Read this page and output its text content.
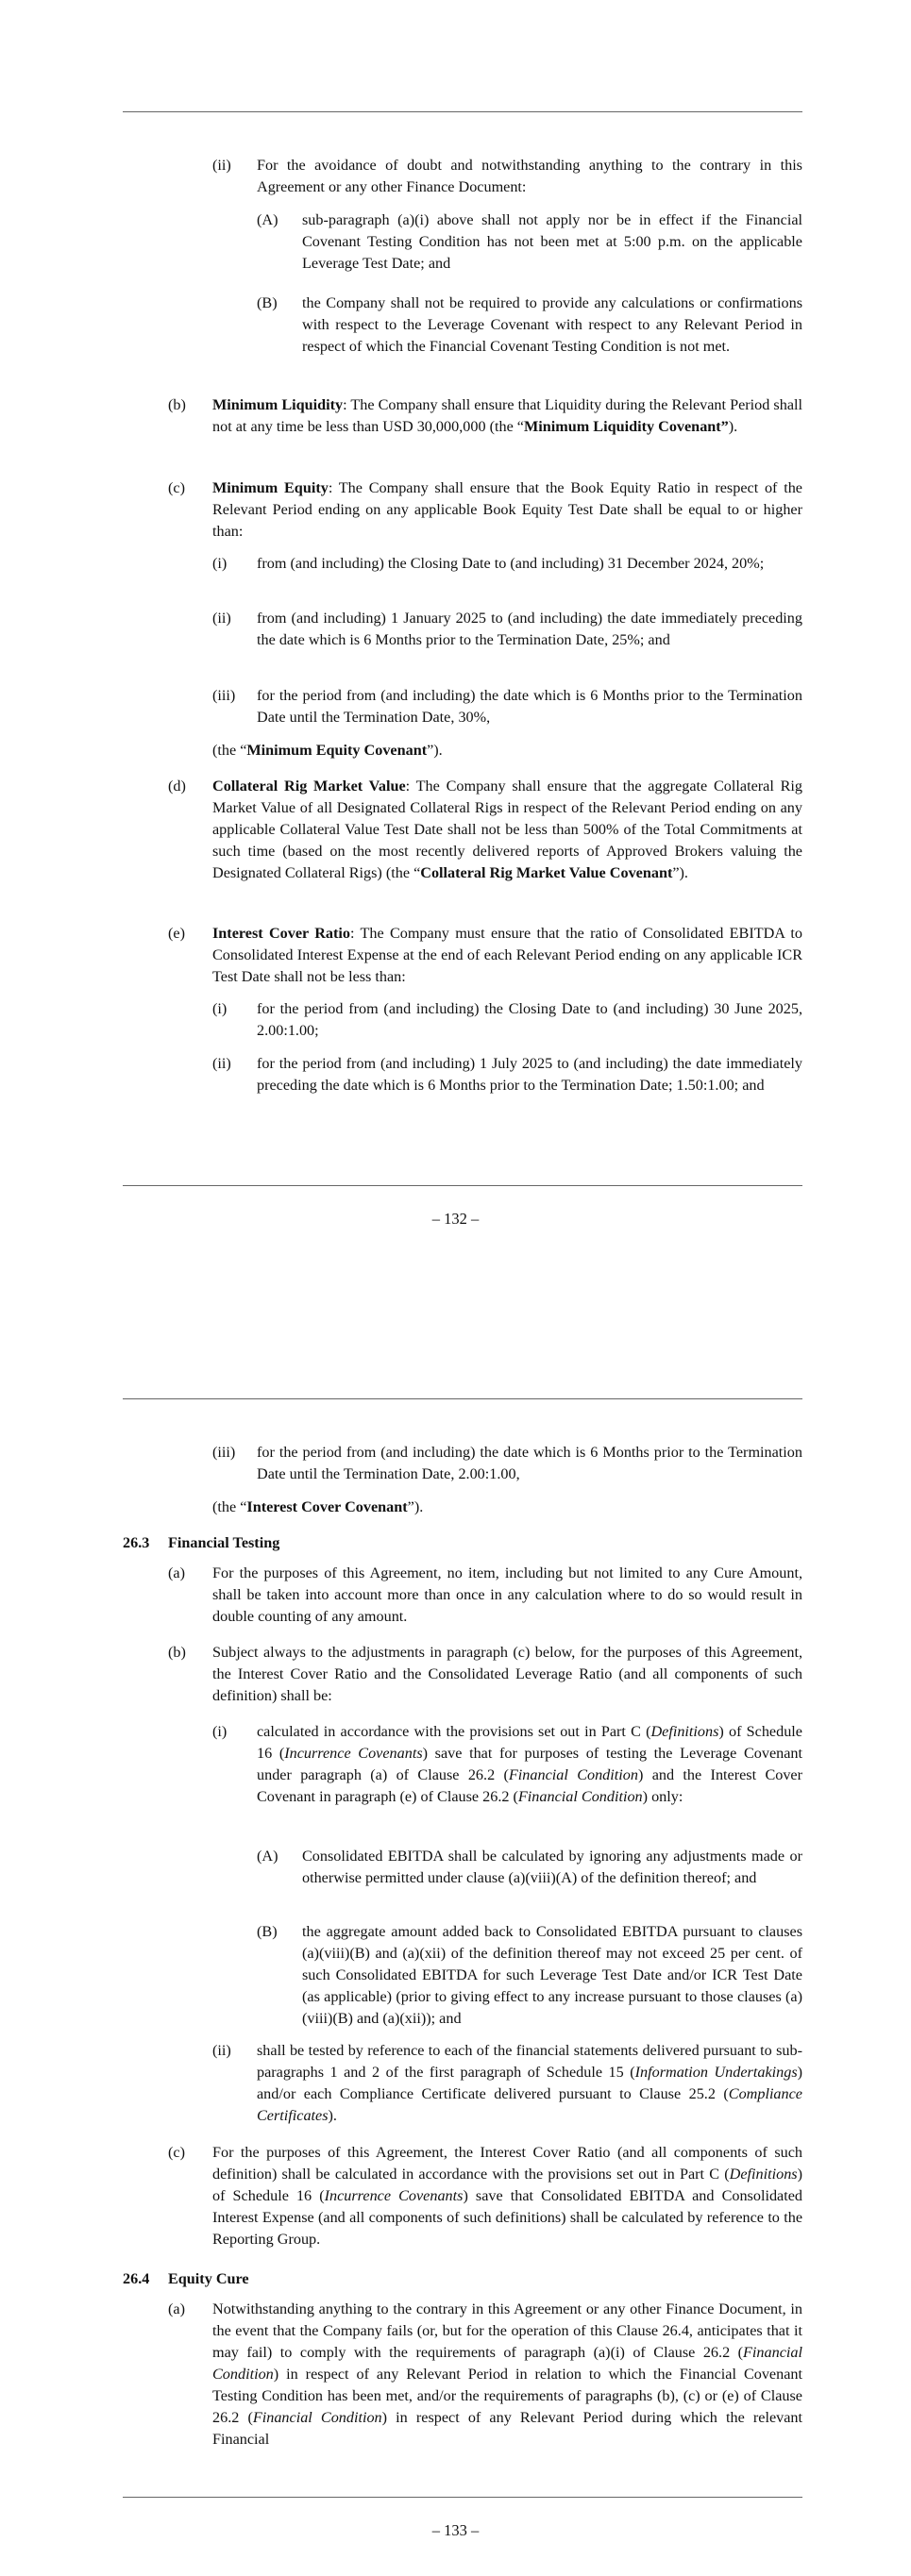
(ii) For the avoidance of doubt and notwithstanding anything to the contrary in this Agreement or any other Finance Document:
(A) sub-paragraph (a)(i) above shall not apply nor be in effect if the Financial Covenant Testing Condition has not been met at 5:00 p.m. on the applicable Leverage Test Date; and
(B) the Company shall not be required to provide any calculations or confirmations with respect to the Leverage Covenant with respect to any Relevant Period in respect of which the Financial Covenant Testing Condition is not met.
(b) Minimum Liquidity: The Company shall ensure that Liquidity during the Relevant Period shall not at any time be less than USD 30,000,000 (the “Minimum Liquidity Covenant”).
(c) Minimum Equity: The Company shall ensure that the Book Equity Ratio in respect of the Relevant Period ending on any applicable Book Equity Test Date shall be equal to or higher than:
(i) from (and including) the Closing Date to (and including) 31 December 2024, 20%;
(ii) from (and including) 1 January 2025 to (and including) the date immediately preceding the date which is 6 Months prior to the Termination Date, 25%; and
(iii) for the period from (and including) the date which is 6 Months prior to the Termination Date until the Termination Date, 30%,
(the “Minimum Equity Covenant”).
(d) Collateral Rig Market Value: The Company shall ensure that the aggregate Collateral Rig Market Value of all Designated Collateral Rigs in respect of the Relevant Period ending on any applicable Collateral Value Test Date shall not be less than 500% of the Total Commitments at such time (based on the most recently delivered reports of Approved Brokers valuing the Designated Collateral Rigs) (the “Collateral Rig Market Value Covenant”).
(e) Interest Cover Ratio: The Company must ensure that the ratio of Consolidated EBITDA to Consolidated Interest Expense at the end of each Relevant Period ending on any applicable ICR Test Date shall not be less than:
(i) for the period from (and including) the Closing Date to (and including) 30 June 2025, 2.00:1.00;
(ii) for the period from (and including) 1 July 2025 to (and including) the date immediately preceding the date which is 6 Months prior to the Termination Date; 1.50:1.00; and
– 132 –
(iii) for the period from (and including) the date which is 6 Months prior to the Termination Date until the Termination Date, 2.00:1.00,
(the “Interest Cover Covenant”).
26.3 Financial Testing
(a) For the purposes of this Agreement, no item, including but not limited to any Cure Amount, shall be taken into account more than once in any calculation where to do so would result in double counting of any amount.
(b) Subject always to the adjustments in paragraph (c) below, for the purposes of this Agreement, the Interest Cover Ratio and the Consolidated Leverage Ratio (and all components of such definition) shall be:
(i) calculated in accordance with the provisions set out in Part C (Definitions) of Schedule 16 (Incurrence Covenants) save that for purposes of testing the Leverage Covenant under paragraph (a) of Clause 26.2 (Financial Condition) and the Interest Cover Covenant in paragraph (e) of Clause 26.2 (Financial Condition) only:
(A) Consolidated EBITDA shall be calculated by ignoring any adjustments made or otherwise permitted under clause (a)(viii)(A) of the definition thereof; and
(B) the aggregate amount added back to Consolidated EBITDA pursuant to clauses (a)(viii)(B) and (a)(xii) of the definition thereof may not exceed 25 per cent. of such Consolidated EBITDA for such Leverage Test Date and/or ICR Test Date (as applicable) (prior to giving effect to any increase pursuant to those clauses (a)(viii)(B) and (a)(xii)); and
(ii) shall be tested by reference to each of the financial statements delivered pursuant to sub-paragraphs 1 and 2 of the first paragraph of Schedule 15 (Information Undertakings) and/or each Compliance Certificate delivered pursuant to Clause 25.2 (Compliance Certificates).
(c) For the purposes of this Agreement, the Interest Cover Ratio (and all components of such definition) shall be calculated in accordance with the provisions set out in Part C (Definitions) of Schedule 16 (Incurrence Covenants) save that Consolidated EBITDA and Consolidated Interest Expense (and all components of such definitions) shall be calculated by reference to the Reporting Group.
26.4 Equity Cure
(a) Notwithstanding anything to the contrary in this Agreement or any other Finance Document, in the event that the Company fails (or, but for the operation of this Clause 26.4, anticipates that it may fail) to comply with the requirements of paragraph (a)(i) of Clause 26.2 (Financial Condition) in respect of any Relevant Period in relation to which the Financial Covenant Testing Condition has been met, and/or the requirements of paragraphs (b), (c) or (e) of Clause 26.2 (Financial Condition) in respect of any Relevant Period during which the relevant Financial
– 133 –
